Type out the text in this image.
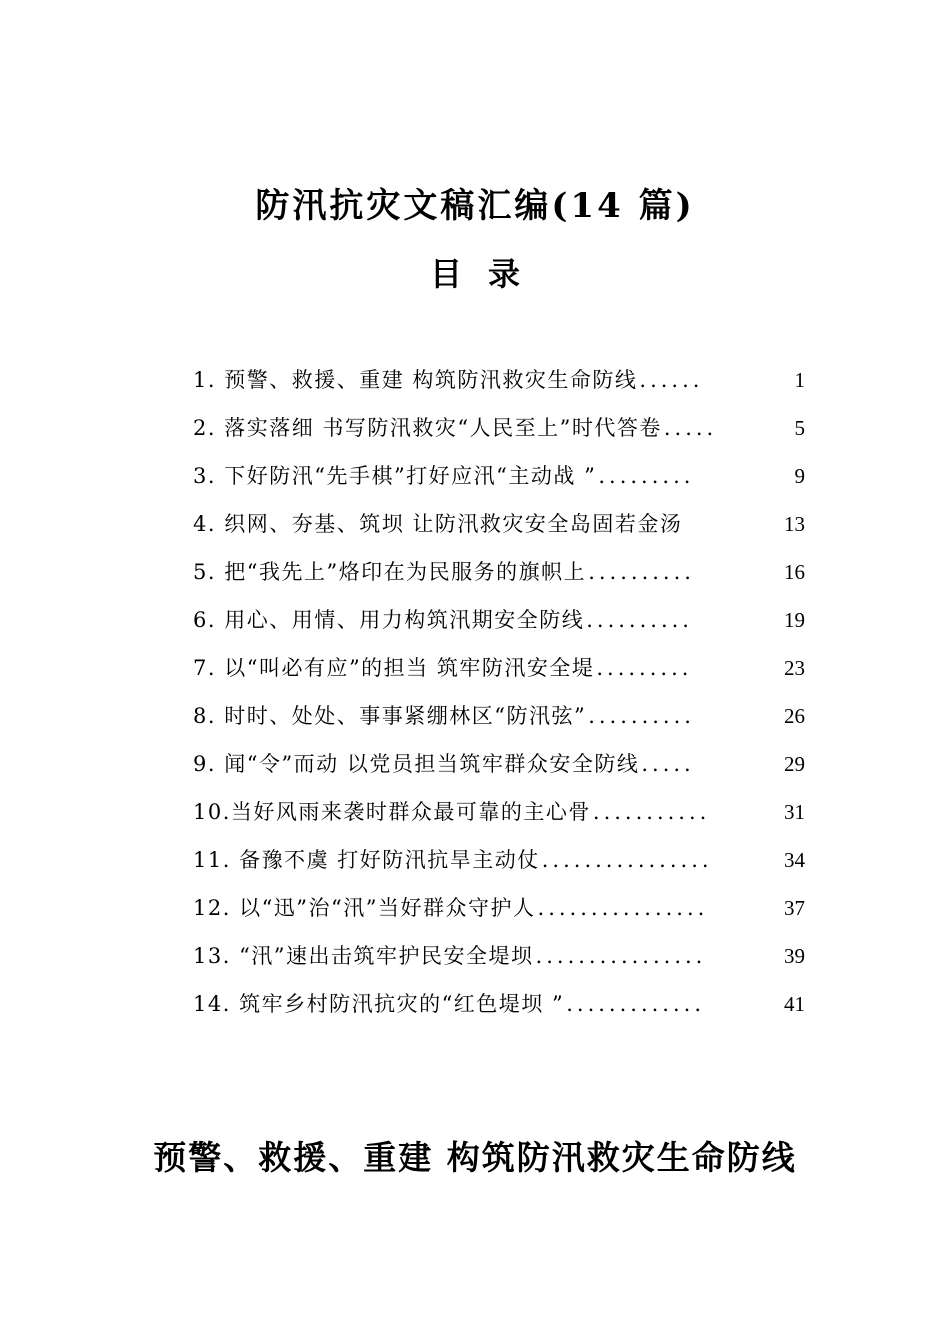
防汛抗灾文稿汇编(14 篇)
目录
1. 预警、救援、重建 构筑防汛救灾生命防线 ......	1
2. 落实落细 书写防汛救灾“人民至上”时代答卷 .....	5
3. 下好防汛“先手棋”打好应汛“主动战 ” .........	9
4. 织网、夯基、筑坝 让防汛救灾安全岛固若金汤	13
5. 把“我先上”烙印在为民服务的旗帜上 ..........	16
6. 用心、用情、用力构筑汛期安全防线 ..........	19
7. 以“叫必有应”的担当 筑牢防汛安全堤 .........	23
8. 时时、处处、事事紧绷林区“防汛弦” ..........	26
9. 闻“令”而动 以党员担当筑牢群众安全防线 .....	29
10.当好风雨来袭时群众最可靠的主心骨 ...........	31
11. 备豫不虞 打好防汛抗旱主动仗 ................	34
12. 以“迅”治“汛”当好群众守护人 ................	37
13. “汛”速出击筑牢护民安全堤坝 ................	39
14. 筑牢乡村防汛抗灾的“红色堤坝 ” .............	41
预警、救援、重建 构筑防汛救灾生命防线
